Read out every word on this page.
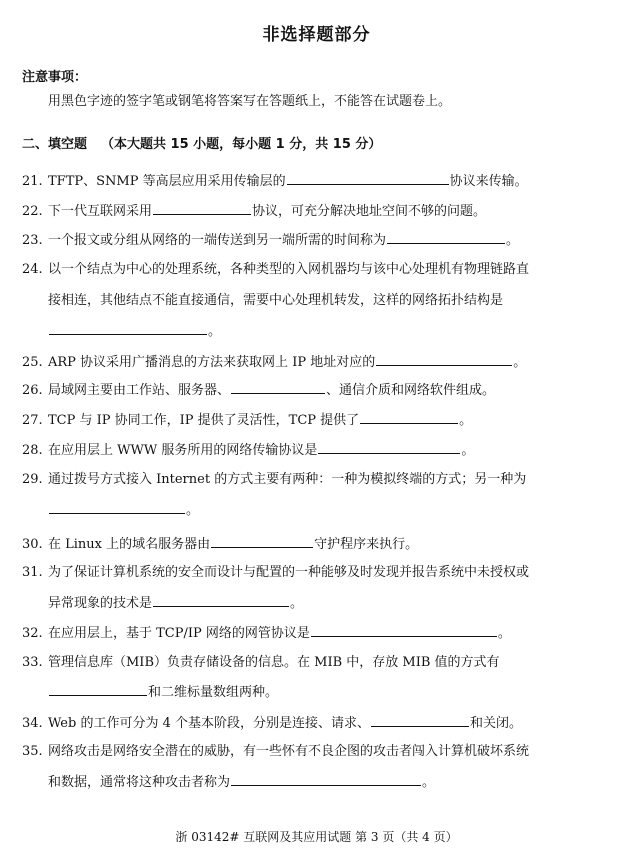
非选择题部分
注意事项：
用黑色字迹的签字笔或钢笔将答案写在答题纸上，不能答在试题卷上。
二、填空题 （本大题共 15 小题，每小题 1 分，共 15 分）
21. TFTP、SNMP 等高层应用采用传输层的	协议来传输。
22. 下一代互联网采用	协议，可充分解决地址空间不够的问题。
23. 一个报文或分组从网络的一端传送到另一端所需的时间称为	。
24. 以一个结点为中心的处理系统，各种类型的入网机器均与该中心处理机有物理链路直
接相连，其他结点不能直接通信，需要中心处理机转发，这样的网络拓扑结构是
。
25. ARP 协议采用广播消息的方法来获取网上 IP 地址对应的	。
26. 局域网主要由工作站、服务器、	、通信介质和网络软件组成。
27. TCP 与 IP 协同工作，IP 提供了灵活性，TCP 提供了	。
28. 在应用层上 WWW 服务所用的网络传输协议是	。
29. 通过拨号方式接入 Internet 的方式主要有两种：一种为模拟终端的方式；另一种为
。
30. 在 Linux 上的域名服务器由	守护程序来执行。
31. 为了保证计算机系统的安全而设计与配置的一种能够及时发现并报告系统中未授权或
异常现象的技术是	。
32. 在应用层上，基于 TCP/IP 网络的网管协议是	。
33. 管理信息库（MIB）负责存储设备的信息。在 MIB 中，存放 MIB 值的方式有
和二维标量数组两种。
34. Web 的工作可分为 4 个基本阶段，分别是连接、请求、	和关闭。
35. 网络攻击是网络安全潜在的威胁，有一些怀有不良企图的攻击者闯入计算机破坏系统
和数据，通常将这种攻击者称为	。
浙 03142# 互联网及其应用试题 第 3 页（共 4 页）
